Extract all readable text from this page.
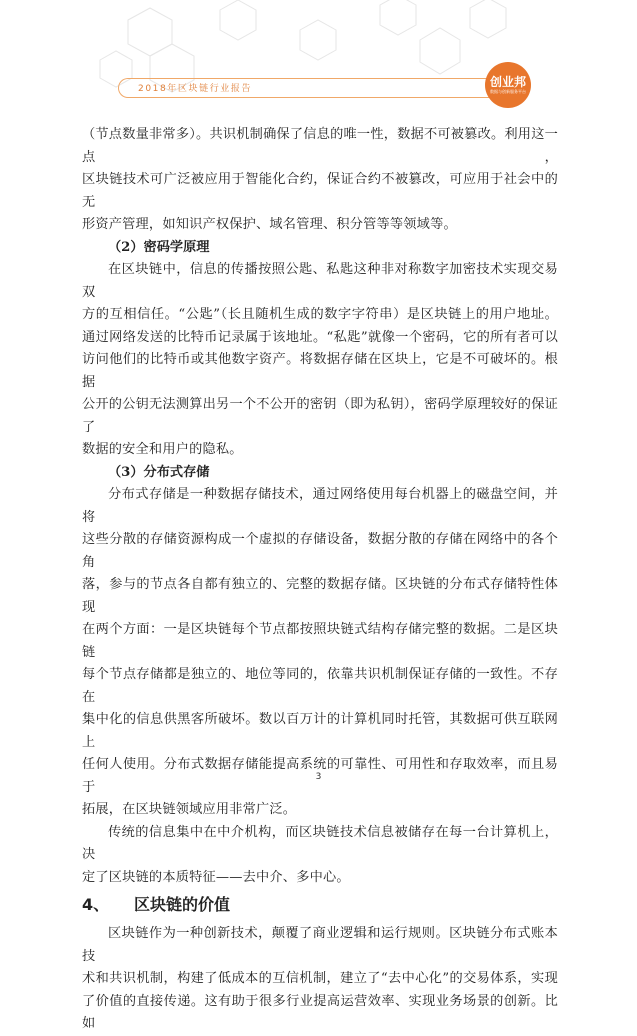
2018年区块链行业报告
创业邦
数据与创新服务平台

（节点数量非常多）。共识机制确保了信息的唯一性，数据不可被篡改。利用这一点，

区块链技术可广泛被应用于智能化合约，保证合约不被篡改，可应用于社会中的无

形资产管理，如知识产权保护、域名管理、积分管等等领域等。

（2）密码学原理

在区块链中，信息的传播按照公匙、私匙这种非对称数字加密技术实现交易双

方的互相信任。“公匙”（长且随机生成的数字字符串）是区块链上的用户地址。

通过网络发送的比特币记录属于该地址。“私匙”就像一个密码，它的所有者可以

访问他们的比特币或其他数字资产。将数据存储在区块上，它是不可破坏的。根据

公开的公钥无法测算出另一个不公开的密钥（即为私钥），密码学原理较好的保证了

数据的安全和用户的隐私。

（3）分布式存储

分布式存储是一种数据存储技术，通过网络使用每台机器上的磁盘空间，并将

这些分散的存储资源构成一个虚拟的存储设备，数据分散的存储在网络中的各个角

落，参与的节点各自都有独立的、完整的数据存储。区块链的分布式存储特性体现

在两个方面：一是区块链每个节点都按照块链式结构存储完整的数据。二是区块链

每个节点存储都是独立的、地位等同的，依靠共识机制保证存储的一致性。不存在

集中化的信息供黑客所破坏。数以百万计的计算机同时托管，其数据可供互联网上

任何人使用。分布式数据存储能提高系统的可靠性、可用性和存取效率，而且易于

拓展，在区块链领域应用非常广泛。

传统的信息集中在中介机构，而区块链技术信息被储存在每一台计算机上，决

定了区块链的本质特征——去中介、多中心。

4、 区块链的价值

区块链作为一种创新技术，颠覆了商业逻辑和运行规则。区块链分布式账本技

术和共识机制，构建了低成本的互信机制，建立了“去中心化”的交易体系，实现

了价值的直接传递。这有助于很多行业提高运营效率、实现业务场景的创新。比如

3
